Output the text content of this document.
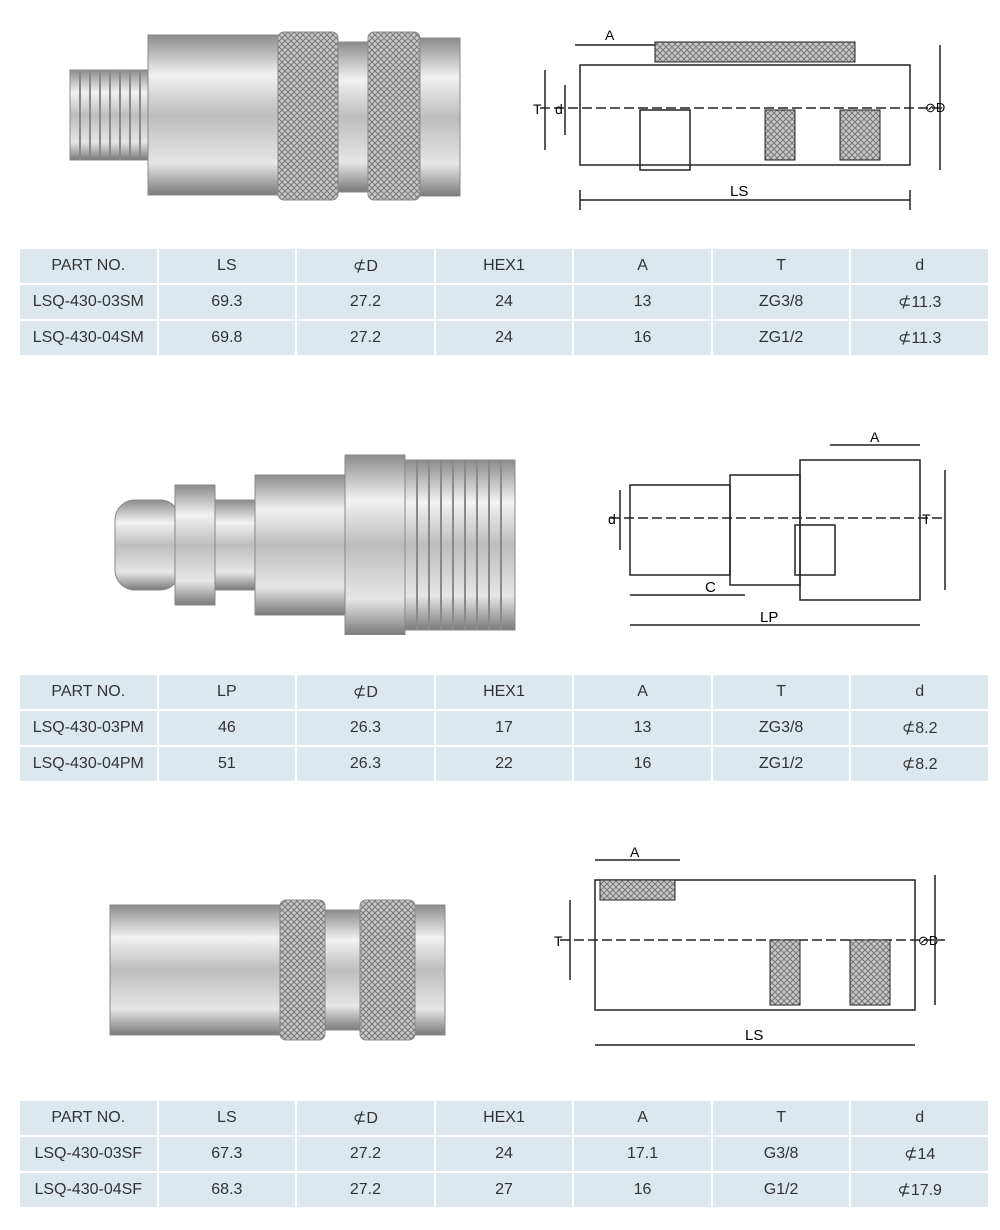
A
T d	⊘D
LS
PART NO.	LS	⊄D	HEX1	A	T	d
LSQ-430-03SM	69.3	27.2	24	13	ZG3/8	⊄11.3
LSQ-430-04SM	69.8	27.2	24	16	ZG1/2	⊄11.3
A
T
d
C
LP
PART NO.	LP	⊄D	HEX1	A	T	d
LSQ-430-03PM	46	26.3	17	13	ZG3/8	⊄8.2
LSQ-430-04PM	51	26.3	22	16	ZG1/2	⊄8.2
A
T	⊘D
LS
PART NO.	LS	⊄D	HEX1	A	T	d
LSQ-430-03SF	67.3	27.2	24	17.1	G3/8	⊄14
LSQ-430-04SF	68.3	27.2	27	16	G1/2	⊄17.9
